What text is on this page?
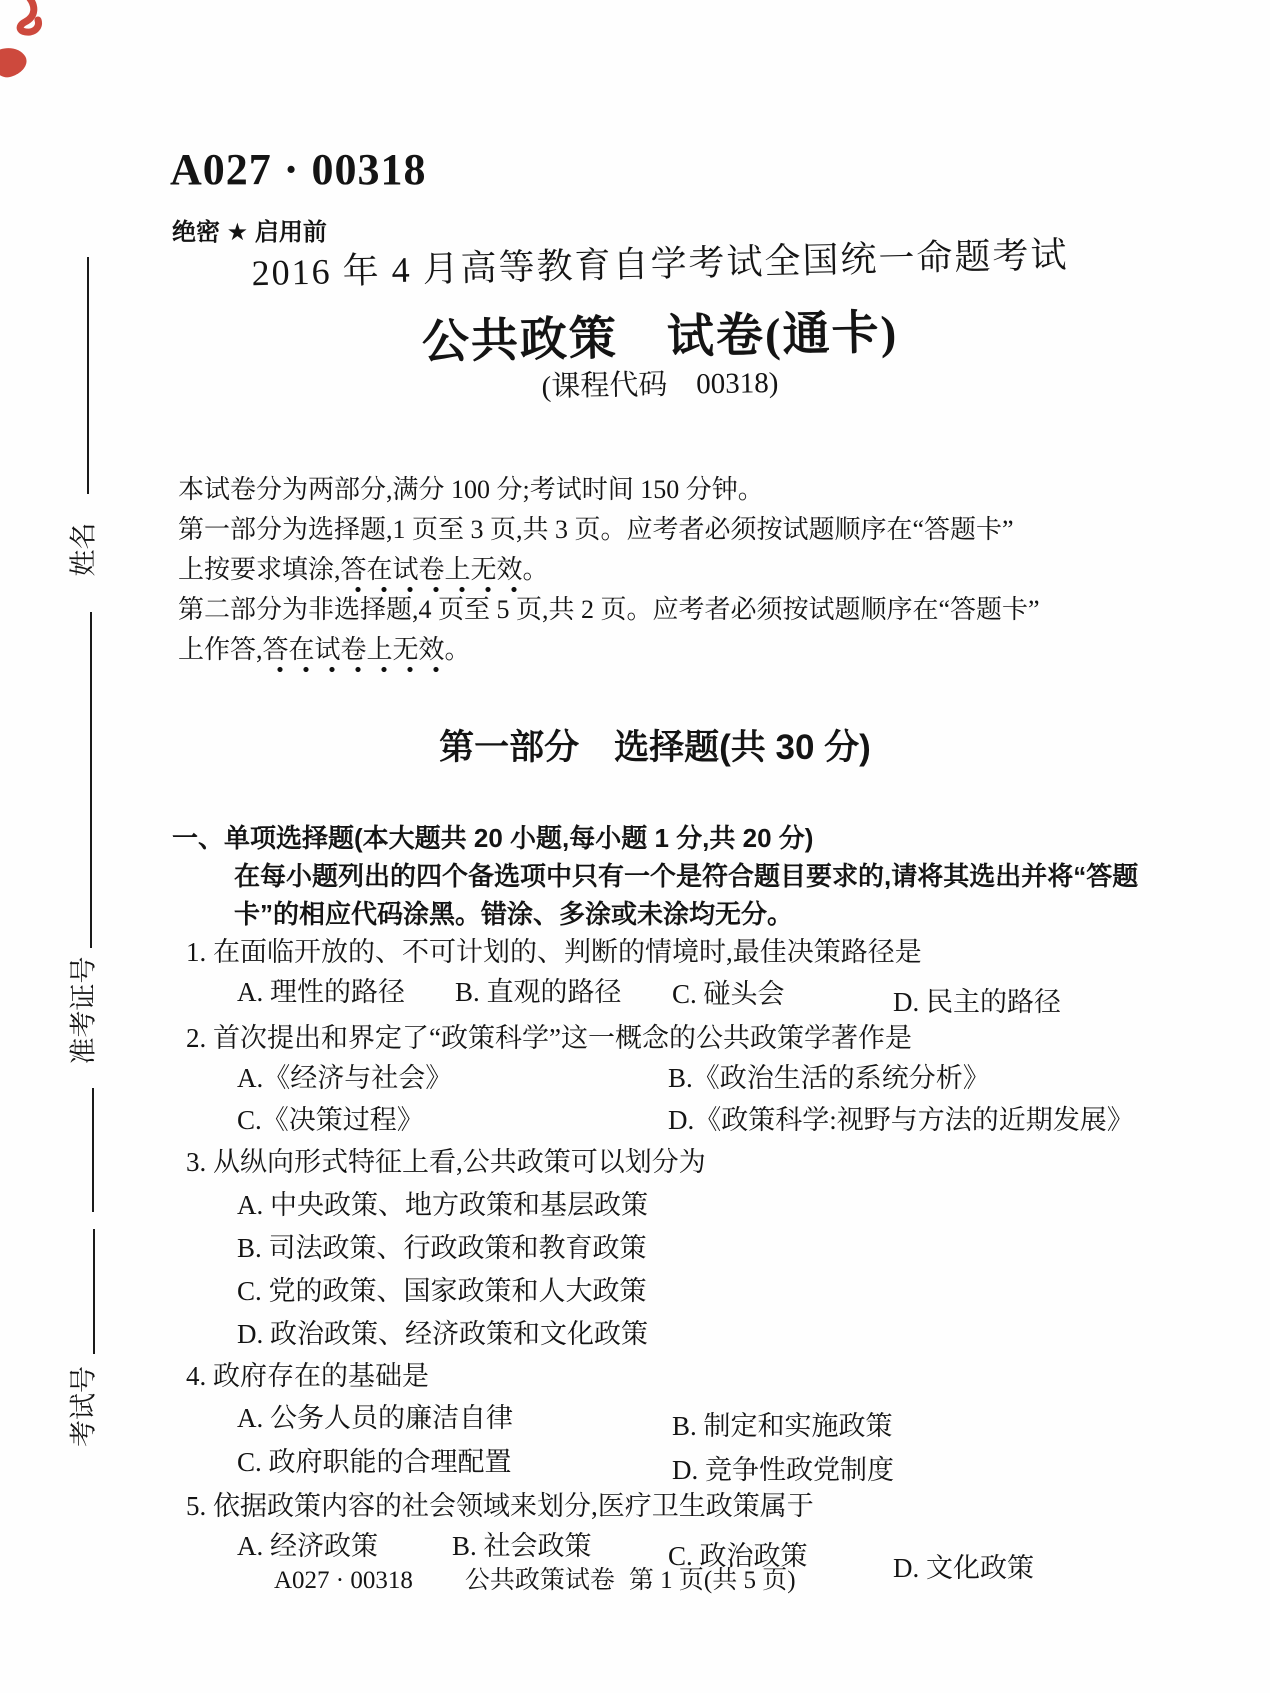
姓名
准考证号
考试号
A027 · 00318
绝密 ★ 启用前
2016 年 4 月高等教育自学考试全国统一命题考试
公共政策　试卷(通卡)
(课程代码　00318)
本试卷分为两部分,满分 100 分;考试时间 150 分钟。
第一部分为选择题,1 页至 3 页,共 3 页。应考者必须按试题顺序在“答题卡”
上按要求填涂,答在试卷上无效。
第二部分为非选择题,4 页至 5 页,共 2 页。应考者必须按试题顺序在“答题卡”
上作答,答在试卷上无效。
第一部分　选择题(共 30 分)
一、单项选择题(本大题共 20 小题,每小题 1 分,共 20 分)
在每小题列出的四个备选项中只有一个是符合题目要求的,请将其选出并将“答题
卡”的相应代码涂黑。错涂、多涂或未涂均无分。
1. 在面临开放的、不可计划的、判断的情境时,最佳决策路径是
A. 理性的路径 B. 直观的路径 C. 碰头会	D. 民主的路径
2. 首次提出和界定了“政策科学”这一概念的公共政策学著作是
A.《经济与社会》	B.《政治生活的系统分析》
C.《决策过程》	D.《政策科学:视野与方法的近期发展》
3. 从纵向形式特征上看,公共政策可以划分为
A. 中央政策、地方政策和基层政策
B. 司法政策、行政政策和教育政策
C. 党的政策、国家政策和人大政策
D. 政治政策、经济政策和文化政策
4. 政府存在的基础是
A. 公务人员的廉洁自律	B. 制定和实施政策
C. 政府职能的合理配置	D. 竞争性政党制度
5. 依据政策内容的社会领域来划分,医疗卫生政策属于
A. 经济政策	B. 社会政策	C. 政治政策	D. 文化政策
A027 · 00318 公共政策试卷 第 1 页(共 5 页)
